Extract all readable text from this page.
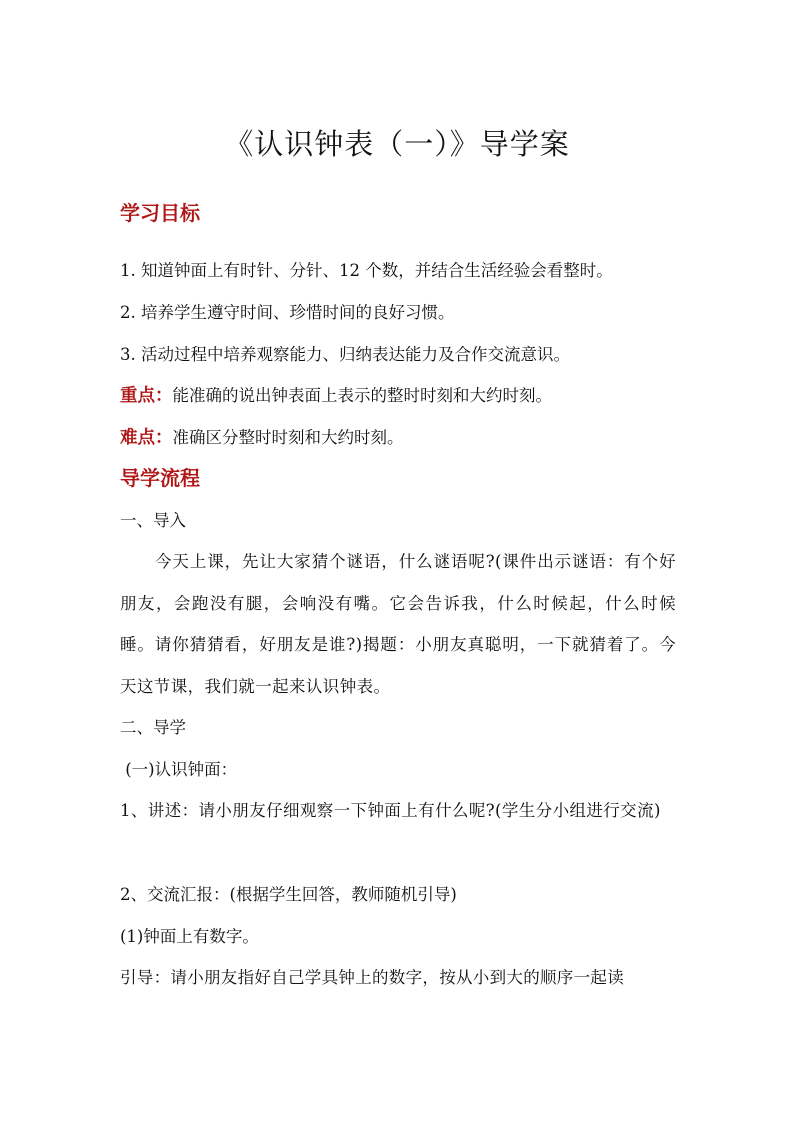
《认识钟表（一）》导学案
学习目标
1. 知道钟面上有时针、分针、12 个数，并结合生活经验会看整时。
2. 培养学生遵守时间、珍惜时间的良好习惯。
3. 活动过程中培养观察能力、归纳表达能力及合作交流意识。
重点：能准确的说出钟表面上表示的整时时刻和大约时刻。
难点：准确区分整时时刻和大约时刻。
导学流程
一、导入
今天上课，先让大家猜个谜语，什么谜语呢?(课件出示谜语：有个好朋友，会跑没有腿，会响没有嘴。它会告诉我，什么时候起，什么时候睡。请你猜猜看，好朋友是谁?)揭题：小朋友真聪明，一下就猜着了。今天这节课，我们就一起来认识钟表。
二、导学
(一)认识钟面：
1、讲述：请小朋友仔细观察一下钟面上有什么呢?(学生分小组进行交流)
2、交流汇报：(根据学生回答，教师随机引导)
(1)钟面上有数字。
引导：请小朋友指好自己学具钟上的数字，按从小到大的顺序一起读
